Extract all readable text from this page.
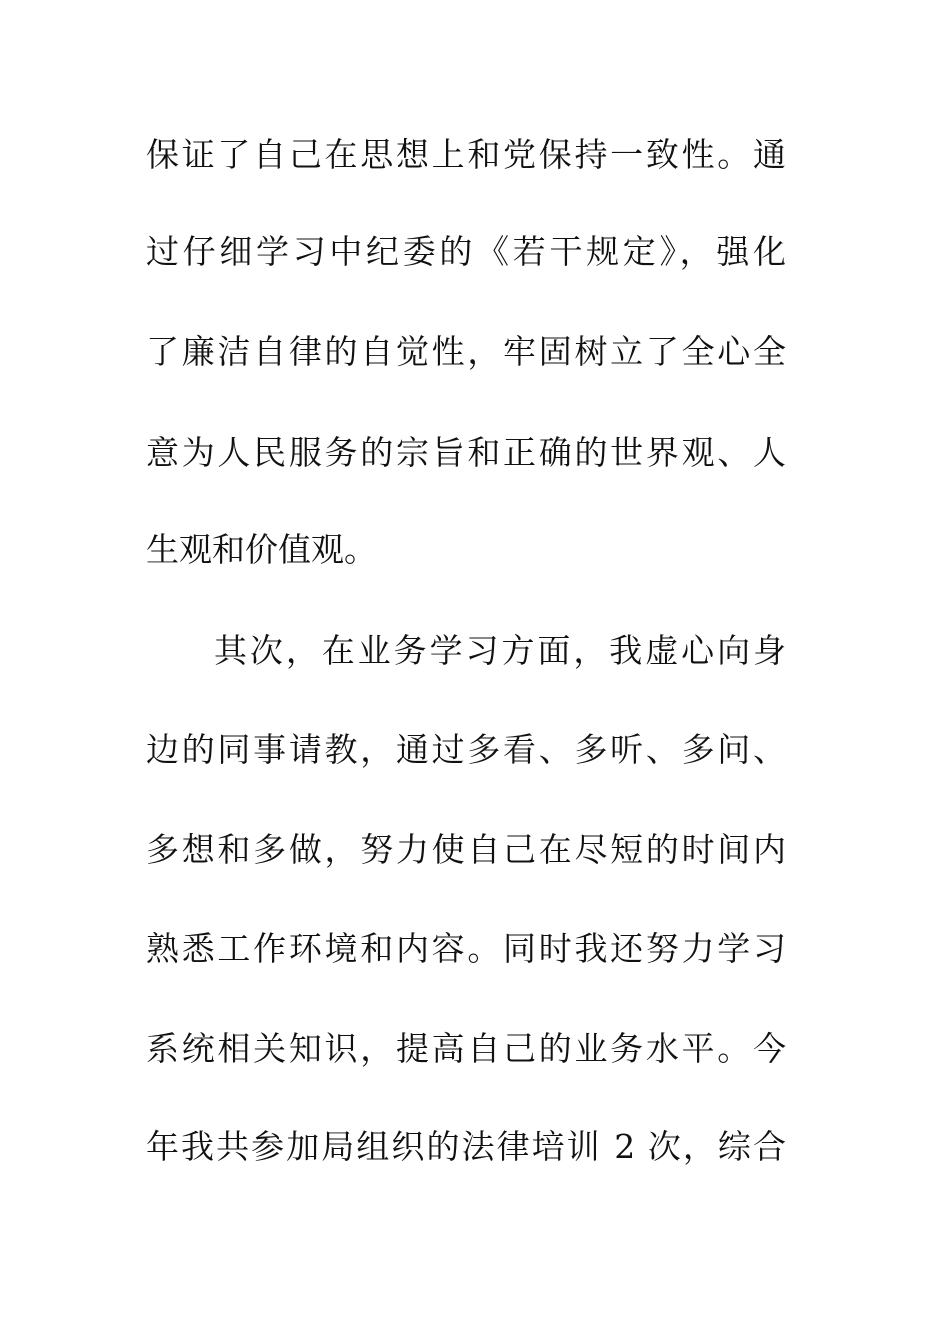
保证了自己在思想上和党保持一致性。通
过仔细学习中纪委的《若干规定》，强化
了廉洁自律的自觉性，牢固树立了全心全
意为人民服务的宗旨和正确的世界观、人
生观和价值观。
其次，在业务学习方面，我虚心向身
边的同事请教，通过多看、多听、多问、
多想和多做，努力使自己在尽短的时间内
熟悉工作环境和内容。同时我还努力学习
系统相关知识，提高自己的业务水平。今
年我共参加局组织的法律培训 2 次，综合
